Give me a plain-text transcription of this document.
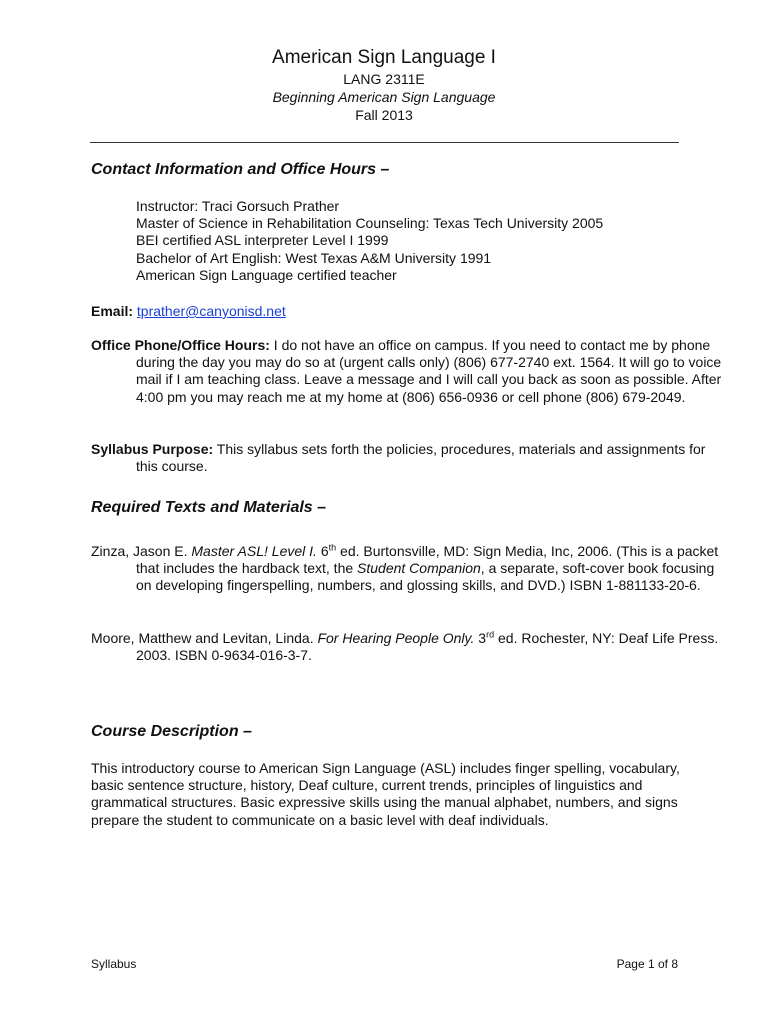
American Sign Language I
LANG 2311E
Beginning American Sign Language
Fall 2013
Contact Information and Office Hours –
Instructor: Traci Gorsuch Prather
Master of Science in Rehabilitation Counseling: Texas Tech University 2005
BEI certified ASL interpreter Level I 1999
Bachelor of Art English: West Texas A&M University 1991
American Sign Language certified teacher
Email: tprather@canyonisd.net
Office Phone/Office Hours: I do not have an office on campus. If you need to contact me by phone during the day you may do so at (urgent calls only) (806) 677-2740 ext. 1564. It will go to voice mail if I am teaching class. Leave a message and I will call you back as soon as possible. After 4:00 pm you may reach me at my home at (806) 656-0936 or cell phone (806) 679-2049.
Syllabus Purpose: This syllabus sets forth the policies, procedures, materials and assignments for this course.
Required Texts and Materials –
Zinza, Jason E. Master ASL! Level I. 6th ed. Burtonsville, MD: Sign Media, Inc, 2006. (This is a packet that includes the hardback text, the Student Companion, a separate, soft-cover book focusing on developing fingerspelling, numbers, and glossing skills, and DVD.) ISBN 1-881133-20-6.
Moore, Matthew and Levitan, Linda. For Hearing People Only. 3rd ed. Rochester, NY: Deaf Life Press. 2003. ISBN 0-9634-016-3-7.
Course Description –
This introductory course to American Sign Language (ASL) includes finger spelling, vocabulary, basic sentence structure, history, Deaf culture, current trends, principles of linguistics and grammatical structures. Basic expressive skills using the manual alphabet, numbers, and signs prepare the student to communicate on a basic level with deaf individuals.
Syllabus	Page 1 of 8
